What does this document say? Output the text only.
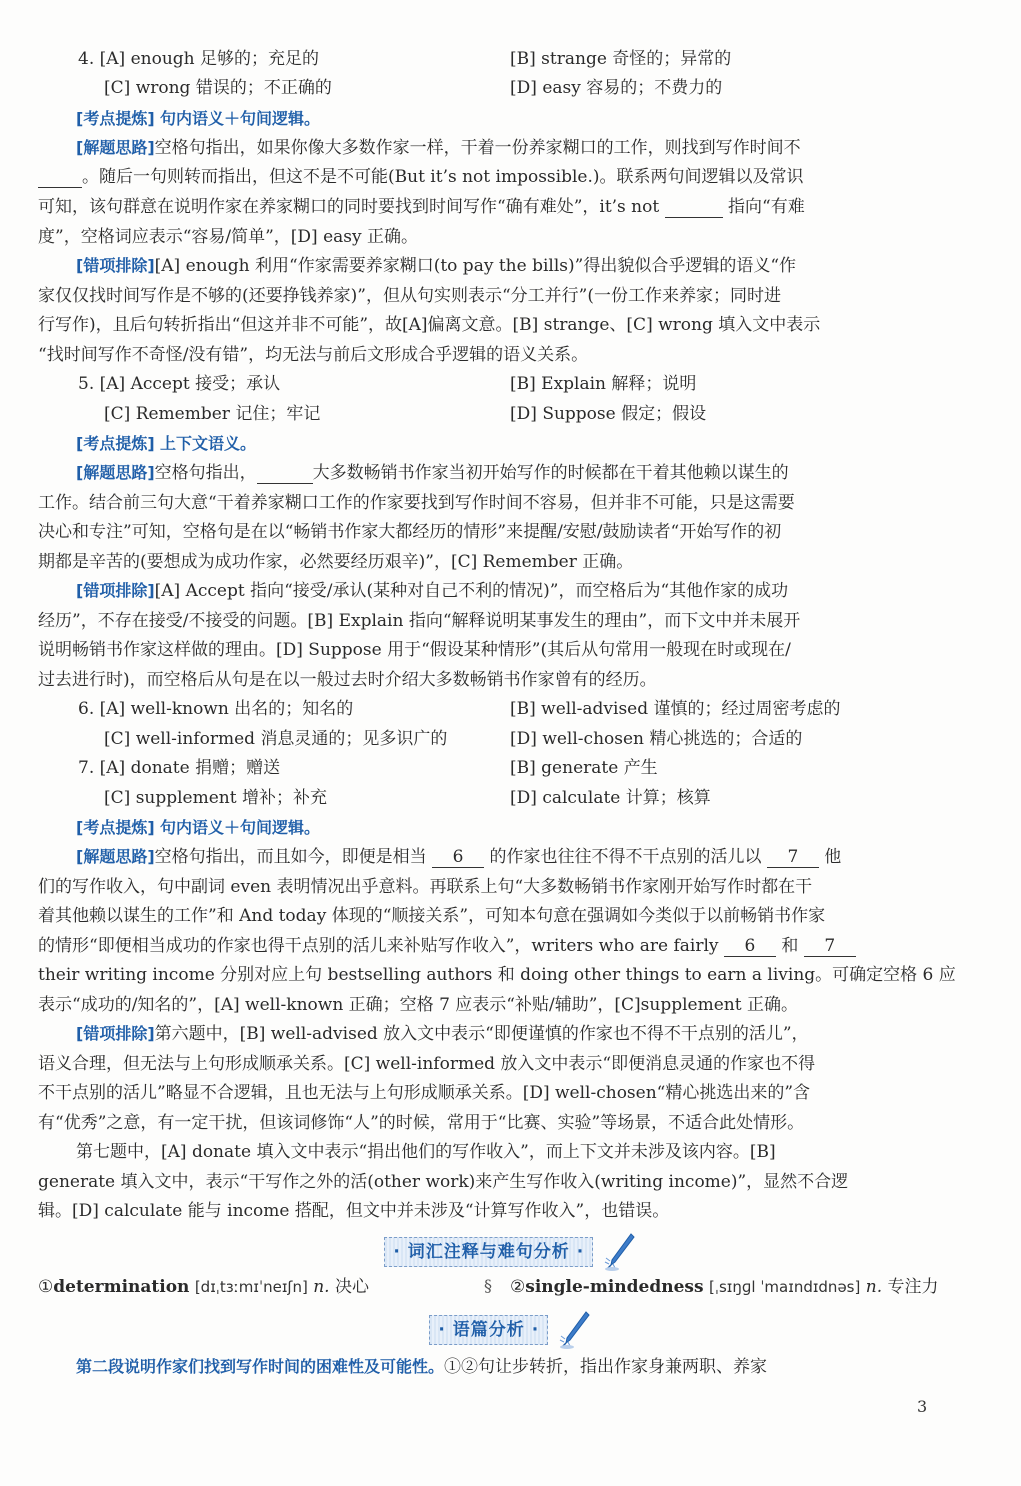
4. [A] enough 足够的；充足的	[B] strange 奇怪的；异常的
[C] wrong 错误的；不正确的	[D] easy 容易的；不费力的
[考点提炼] 句内语义＋句间逻辑。
[解题思路]空格句指出，如果你像大多数作家一样，干着一份养家糊口的工作，则找到写作时间不
。随后一句则转而指出，但这不是不可能(But it’s not impossible.)。联系两句间逻辑以及常识
可知，该句群意在说明作家在养家糊口的同时要找到时间写作“确有难处”，it’s not	指向“有难
度”，空格词应表示“容易/简单”，[D] easy 正确。
[错项排除][A] enough 利用“作家需要养家糊口(to pay the bills)”得出貌似合乎逻辑的语义“作
家仅仅找时间写作是不够的(还要挣钱养家)”，但从句实则表示“分工并行”(一份工作来养家；同时进
行写作)，且后句转折指出“但这并非不可能”，故[A]偏离文意。[B] strange、[C] wrong 填入文中表示
“找时间写作不奇怪/没有错”，均无法与前后文形成合乎逻辑的语义关系。
5. [A] Accept 接受；承认	[B] Explain 解释；说明
[C] Remember 记住；牢记	[D] Suppose 假定；假设
[考点提炼] 上下文语义。
[解题思路]空格句指出，	大多数畅销书作家当初开始写作的时候都在干着其他赖以谋生的
工作。结合前三句大意“干着养家糊口工作的作家要找到写作时间不容易，但并非不可能，只是这需要
决心和专注”可知，空格句是在以“畅销书作家大都经历的情形”来提醒/安慰/鼓励读者“开始写作的初
期都是辛苦的(要想成为成功作家，必然要经历艰辛)”，[C] Remember 正确。
[错项排除][A] Accept 指向“接受/承认(某种对自己不利的情况)”，而空格后为“其他作家的成功
经历”，不存在接受/不接受的问题。[B] Explain 指向“解释说明某事发生的理由”，而下文中并未展开
说明畅销书作家这样做的理由。[D] Suppose 用于“假设某种情形”(其后从句常用一般现在时或现在/
过去进行时)，而空格后从句是在以一般过去时介绍大多数畅销书作家曾有的经历。
6. [A] well-known 出名的；知名的	[B] well-advised 谨慎的；经过周密考虑的
[C] well-informed 消息灵通的；见多识广的	[D] well-chosen 精心挑选的；合适的
7. [A] donate 捐赠；赠送	[B] generate 产生
[C] supplement 增补；补充	[D] calculate 计算；核算
[考点提炼] 句内语义＋句间逻辑。
[解题思路]空格句指出，而且如今，即便是相当 6 的作家也往往不得不干点别的活儿以 7 他
们的写作收入，句中副词 even 表明情况出乎意料。再联系上句“大多数畅销书作家刚开始写作时都在干
着其他赖以谋生的工作”和 And today 体现的“顺接关系”，可知本句意在强调如今类似于以前畅销书作家
的情形“即便相当成功的作家也得干点别的活儿来补贴写作收入”，writers who are fairly 6 和 7
their writing income 分别对应上句 bestselling authors 和 doing other things to earn a living。可确定空格 6 应
表示“成功的/知名的”，[A] well-known 正确；空格 7 应表示“补贴/辅助”，[C]supplement 正确。
[错项排除]第六题中，[B] well-advised 放入文中表示“即便谨慎的作家也不得不干点别的活儿”，
语义合理，但无法与上句形成顺承关系。[C] well-informed 放入文中表示“即便消息灵通的作家也不得
不干点别的活儿”略显不合逻辑，且也无法与上句形成顺承关系。[D] well-chosen“精心挑选出来的”含
有“优秀”之意，有一定干扰，但该词修饰“人”的时候，常用于“比赛、实验”等场景，不适合此处情形。
第七题中，[A] donate 填入文中表示“捐出他们的写作收入”，而上下文并未涉及该内容。[B]
generate 填入文中，表示“干写作之外的活(other work)来产生写作收入(writing income)”，显然不合逻
辑。[D] calculate 能与 income 搭配，但文中并未涉及“计算写作收入”，也错误。
· 词汇注释与难句分析 ·
①determination [dɪˌtɜːmɪˈneɪʃn] n. 决心	§ ②single-mindedness [ˌsɪŋɡl ˈmaɪndɪdnəs] n. 专注力
· 语篇分析 ·
第二段说明作家们找到写作时间的困难性及可能性。①②句让步转折，指出作家身兼两职、养家
3
